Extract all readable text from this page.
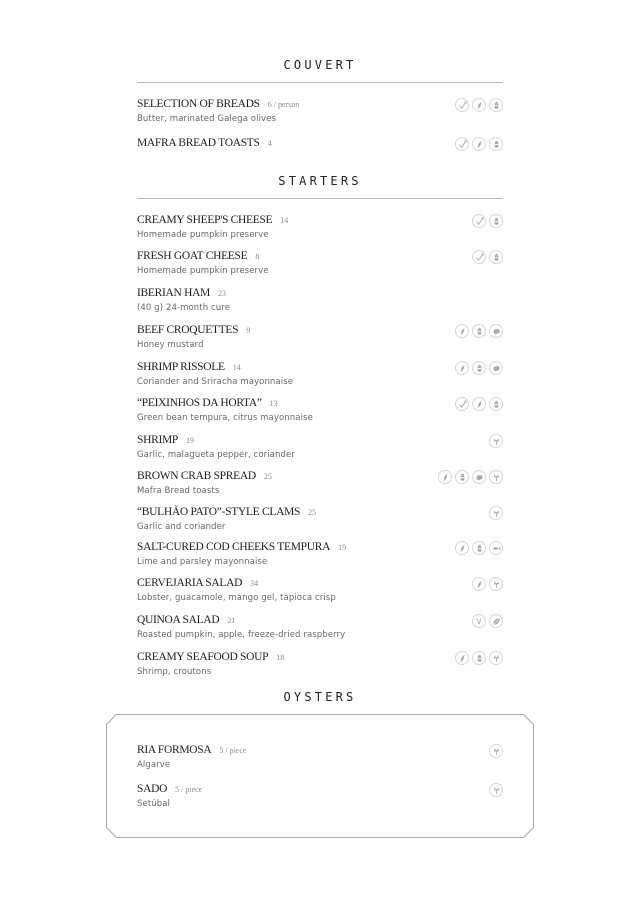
COUVERT
SELECTION OF BREADS 6 / person
Butter, marinated Galega olives
MAFRA BREAD TOASTS 4
STARTERS
CREAMY SHEEP'S CHEESE 14
Homemade pumpkin preserve
FRESH GOAT CHEESE 8
Homemade pumpkin preserve
IBERIAN HAM 23
(40 g) 24-month cure
BEEF CROQUETTES 9
Honey mustard
SHRIMP RISSOLE 14
Coriander and Sriracha mayonnaise
“PEIXINHOS DA HORTA” 13
Green bean tempura, citrus mayonnaise
SHRIMP 19
Garlic, malagueta pepper, coriander
BROWN CRAB SPREAD 25
Mafra Bread toasts
“BULHÃO PATO”-STYLE CLAMS 25
Garlic and coriander
SALT-CURED COD CHEEKS TEMPURA 19
Lime and parsley mayonnaise
CERVEJARIA SALAD 34
Lobster, guacamole, mango gel, tapioca crisp
QUINOA SALAD 21
Roasted pumpkin, apple, freeze-dried raspberry
V
CREAMY SEAFOOD SOUP 18
Shrimp, croutons
OYSTERS
RIA FORMOSA 5 / piece
Algarve
SADO 5 / piece
Setúbal
